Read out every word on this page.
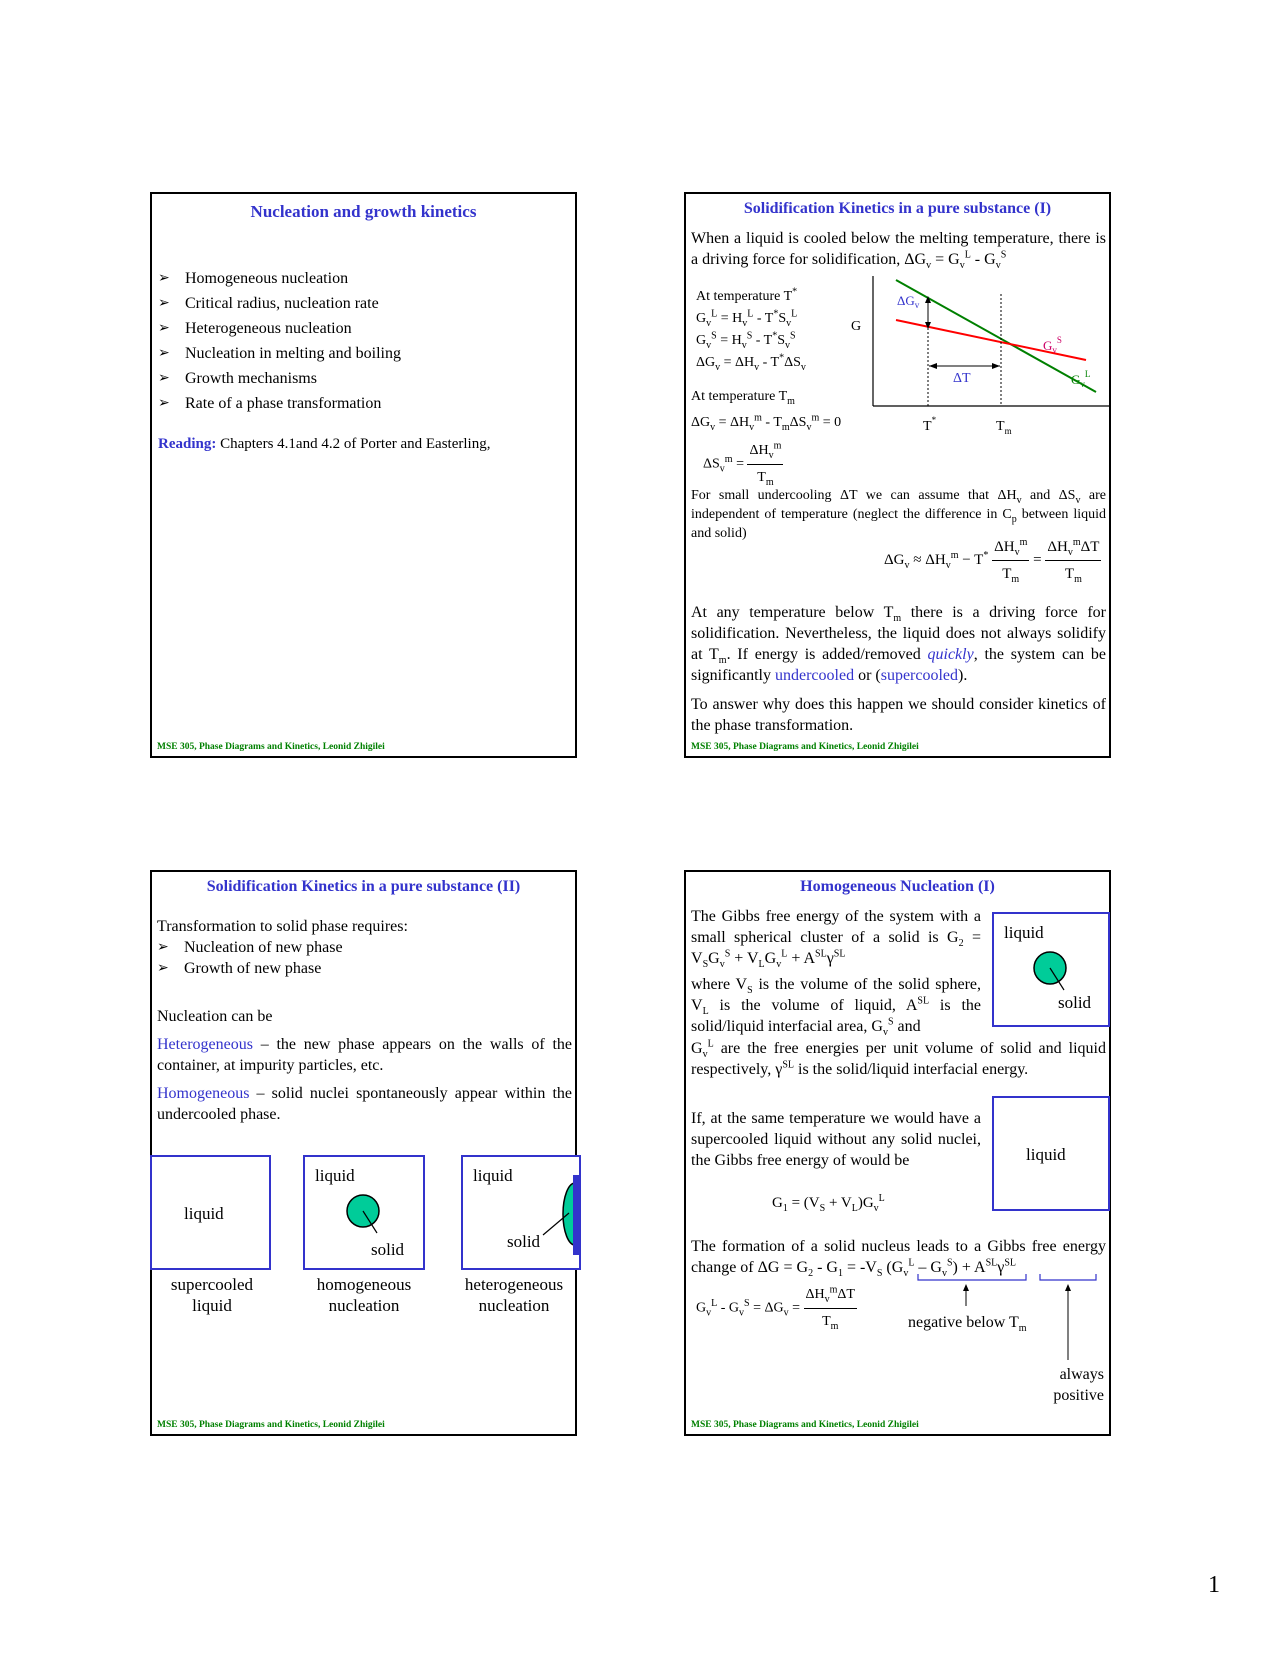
Nucleation and growth kinetics
➢ Homogeneous nucleation
➢ Critical radius, nucleation rate
➢ Heterogeneous nucleation
➢ Nucleation in melting and boiling
➢ Growth mechanisms
➢ Rate of a phase transformation
Reading: Chapters 4.1and 4.2 of Porter and Easterling,
MSE 305, Phase Diagrams and Kinetics, Leonid Zhigilei
Solidification Kinetics in a pure substance (I)
When a liquid is cooled below the melting temperature, there is a driving force for solidification, $\Delta G_v = G_v^L - G_v^S$
At temperature T*
$G_v^L = H_v^L - T^*S_v^L$
$G_v^S = H_v^S - T^*S_v^S$
$\Delta G_v = \Delta H_v - T^*\Delta S_v$
At temperature $T_m$
$\Delta G_v = \Delta H_v^m - T_m\Delta S_v^m = 0$
$\Delta S_v^m = \frac{\Delta H_v^m}{T_m}$
G
$\Delta G_v$
ΔT
$G_v^S$
$G_v^L$
T*	$T_m$
For small undercooling ΔT we can assume that $\Delta H_v$ and $\Delta S_v$ are independent of temperature (neglect the difference in $C_p$ between liquid and solid)
$\Delta G_v \approx \Delta H_v^m - T^* \frac{\Delta H_v^m}{T_m} = \frac{\Delta H_v^m\Delta T}{T_m}$
At any temperature below $T_m$ there is a driving force for solidification. Nevertheless, the liquid does not always solidify at $T_m$. If energy is added/removed quickly, the system can be significantly undercooled or (supercooled).
To answer why does this happen we should consider kinetics of the phase transformation.
MSE 305, Phase Diagrams and Kinetics, Leonid Zhigilei
Solidification Kinetics in a pure substance (II)
Transformation to solid phase requires:
➢ Nucleation of new phase
➢ Growth of new phase
Nucleation can be
Heterogeneous – the new phase appears on the walls of the container, at impurity particles, etc.
Homogeneous – solid nuclei spontaneously appear within the undercooled phase.
liquid
supercooled
liquid
liquid
solid
homogeneous
nucleation
liquid
solid
heterogeneous
nucleation
MSE 305, Phase Diagrams and Kinetics, Leonid Zhigilei
Homogeneous Nucleation (I)
The Gibbs free energy of the system with a small spherical cluster of a solid is $G_2 = V_SG_v^S + V_LG_v^L + A^{SL}\gamma^{SL}$
where $V_S$ is the volume of the solid sphere, $V_L$ is the volume of liquid, $A^{SL}$ is the solid/liquid interfacial area, $G_v^S$ and
$G_v^L$ are the free energies per unit volume of solid and liquid respectively, $\gamma^{SL}$ is the solid/liquid interfacial energy.
liquid
solid
If, at the same temperature we would have a supercooled liquid without any solid nuclei, the Gibbs free energy of would be	liquid
$G_1 = (V_S + V_L)G_v^L$
The formation of a solid nucleus leads to a Gibbs free energy change of $\Delta G = G_2 - G_1 = -V_S$ $(G_v^L - G_v^S) + A^{SL}\gamma^{SL}$
$G_v^L - G_v^S = \Delta G_v = \frac{\Delta H_v^m\Delta T}{T_m}$	negative below $T_m$
always
positive
MSE 305, Phase Diagrams and Kinetics, Leonid Zhigilei
1
